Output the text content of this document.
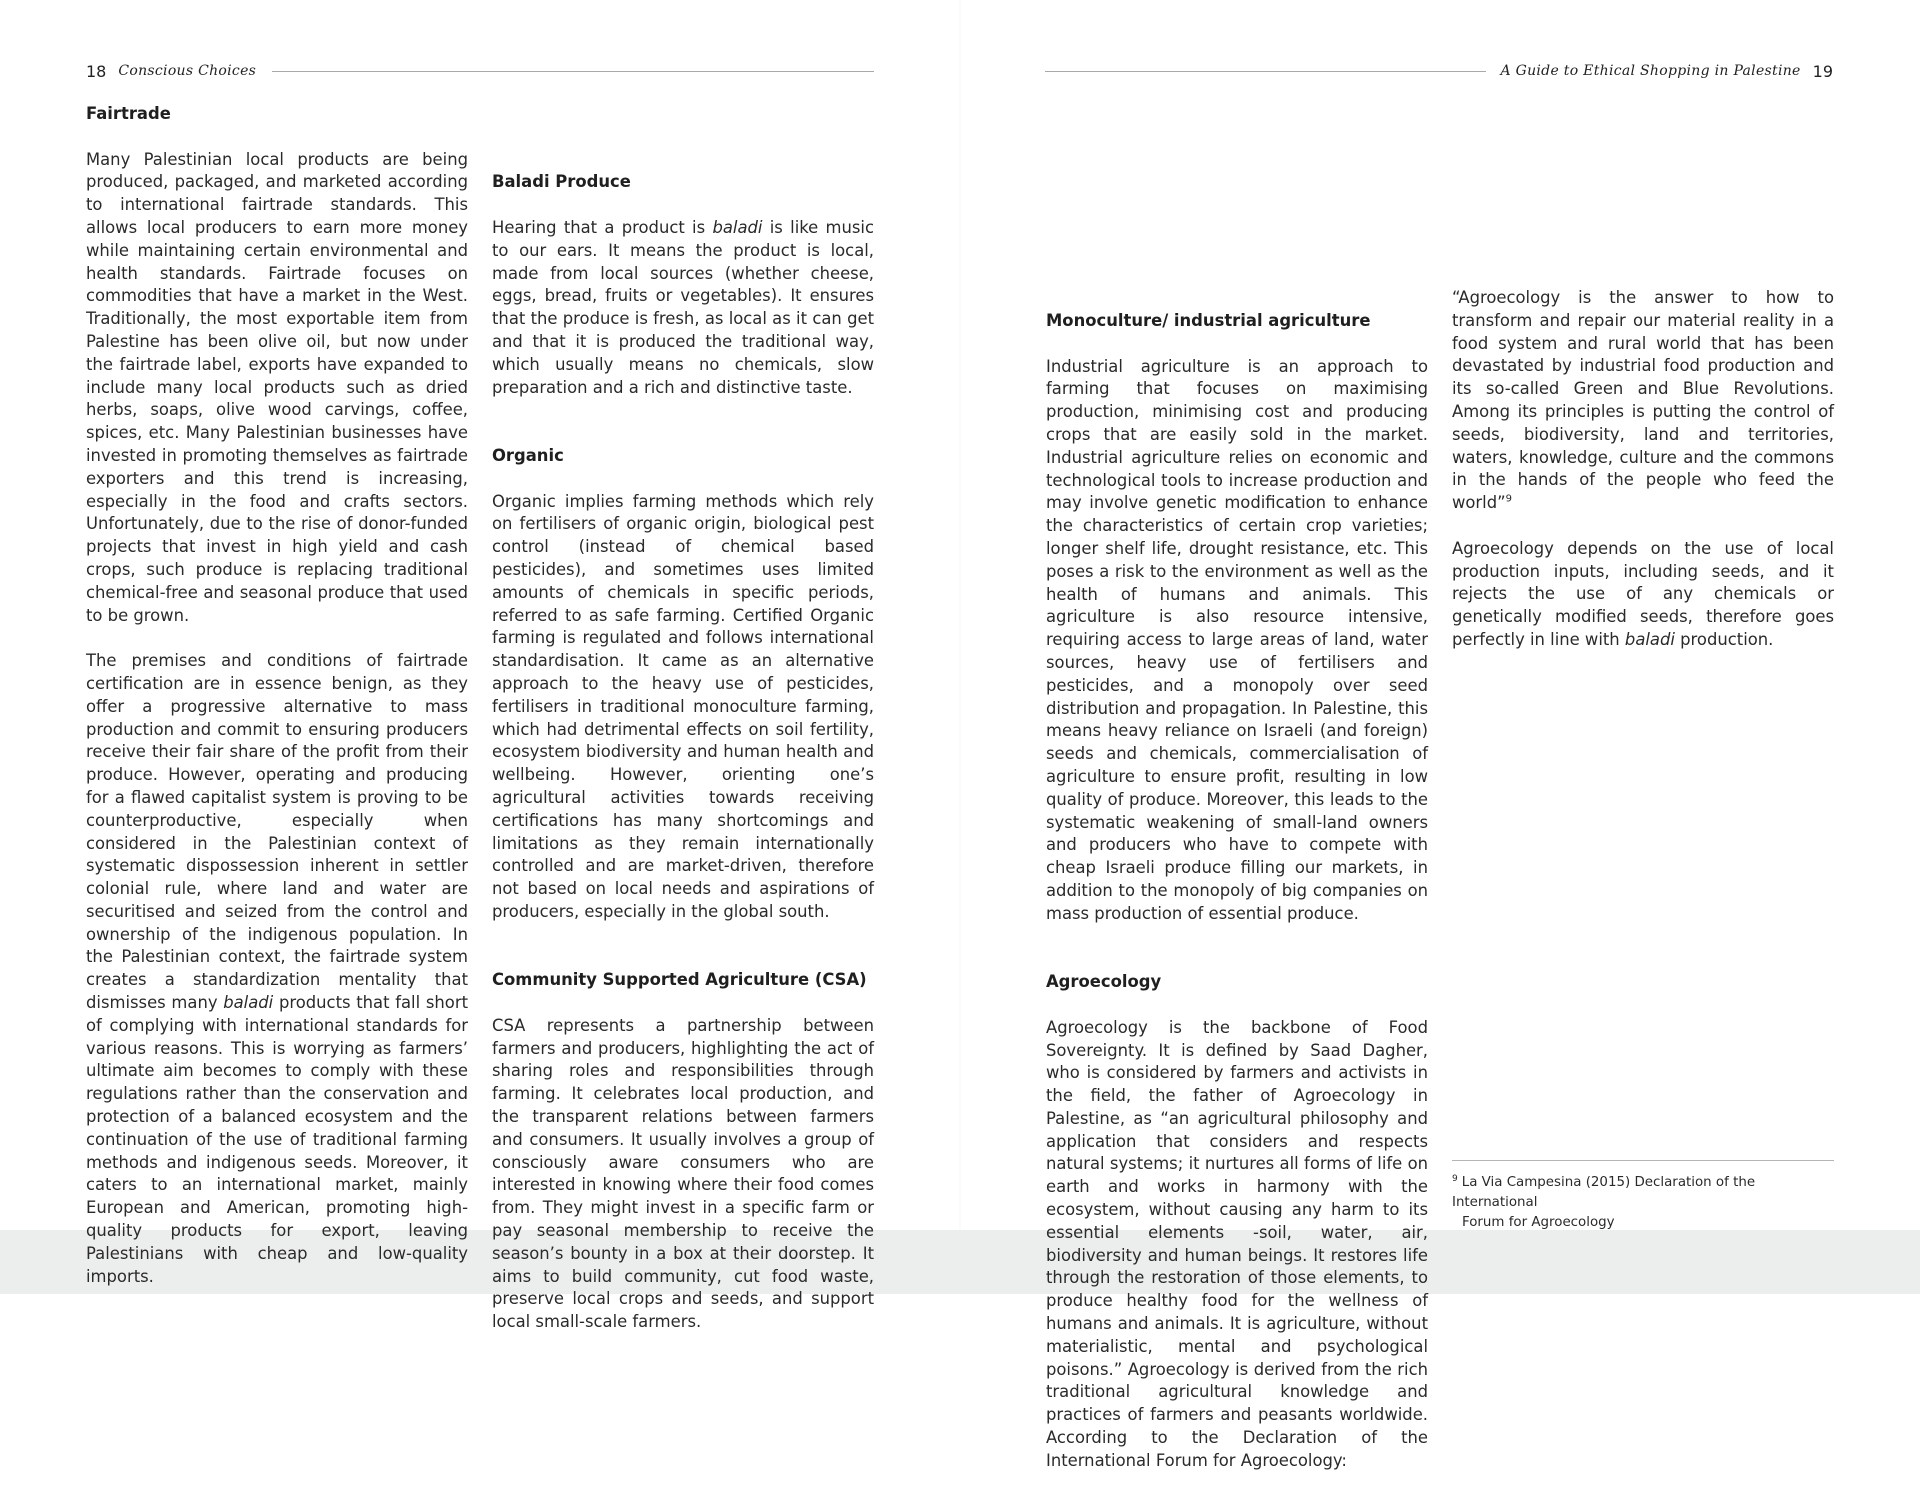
18 Conscious Choices	A Guide to Ethical Shopping in Palestine 19
Fairtrade

Many Palestinian local products are being produced, packaged, and marketed according to international fairtrade standards. This allows local producers to earn more money while maintaining certain environmental and health standards. Fairtrade focuses on commodities that have a market in the West. Traditionally, the most exportable item from Palestine has been olive oil, but now under the fairtrade label, exports have expanded to include many local products such as dried herbs, soaps, olive wood carvings, coffee, spices, etc. Many Palestinian businesses have invested in promoting themselves as fairtrade exporters and this trend is increasing, especially in the food and crafts sectors. Unfortunately, due to the rise of donor-funded projects that invest in high yield and cash crops, such produce is replacing traditional chemical-free and seasonal produce that used to be grown.

The premises and conditions of fairtrade certification are in essence benign, as they offer a progressive alternative to mass production and commit to ensuring producers receive their fair share of the profit from their produce. However, operating and producing for a flawed capitalist system is proving to be counterproductive, especially when considered in the Palestinian context of systematic dispossession inherent in settler colonial rule, where land and water are securitised and seized from the control and ownership of the indigenous population. In the Palestinian context, the fairtrade system creates a standardization mentality that dismisses many baladi products that fall short of complying with international standards for various reasons. This is worrying as farmers’ ultimate aim becomes to comply with these regulations rather than the conservation and protection of a balanced ecosystem and the continuation of the use of traditional farming methods and indigenous seeds. Moreover, it caters to an international market, mainly European and American, promoting high-quality products for export, leaving Palestinians with cheap and low-quality imports.

Baladi Produce

Hearing that a product is baladi is like music to our ears. It means the product is local, made from local sources (whether cheese, eggs, bread, fruits or vegetables). It ensures that the produce is fresh, as local as it can get and that it is produced the traditional way, which usually means no chemicals, slow preparation and a rich and distinctive taste.

Organic

Organic implies farming methods which rely on fertilisers of organic origin, biological pest control (instead of chemical based pesticides), and sometimes uses limited amounts of chemicals in specific periods, referred to as safe farming. Certified Organic farming is regulated and follows international standardisation. It came as an alternative approach to the heavy use of pesticides, fertilisers in traditional monoculture farming, which had detrimental effects on soil fertility, ecosystem biodiversity and human health and wellbeing. However, orienting one’s agricultural activities towards receiving certifications has many shortcomings and limitations as they remain internationally controlled and are market-driven, therefore not based on local needs and aspirations of producers, especially in the global south.

Community Supported Agriculture (CSA)

CSA represents a partnership between farmers and producers, highlighting the act of sharing roles and responsibilities through farming. It celebrates local production, and the transparent relations between farmers and consumers. It usually involves a group of consciously aware consumers who are interested in knowing where their food comes from. They might invest in a specific farm or pay seasonal membership to receive the season’s bounty in a box at their doorstep. It aims to build community, cut food waste, preserve local crops and seeds, and support local small-scale farmers.

Monoculture/ industrial agriculture

Industrial agriculture is an approach to farming that focuses on maximising production, minimising cost and producing crops that are easily sold in the market. Industrial agriculture relies on economic and technological tools to increase production and may involve genetic modification to enhance the characteristics of certain crop varieties; longer shelf life, drought resistance, etc. This poses a risk to the environment as well as the health of humans and animals. This agriculture is also resource intensive, requiring access to large areas of land, water sources, heavy use of fertilisers and pesticides, and a monopoly over seed distribution and propagation. In Palestine, this means heavy reliance on Israeli (and foreign) seeds and chemicals, commercialisation of agriculture to ensure profit, resulting in low quality of produce. Moreover, this leads to the systematic weakening of small-land owners and producers who have to compete with cheap Israeli produce filling our markets, in addition to the monopoly of big companies on mass production of essential produce.

Agroecology

Agroecology is the backbone of Food Sovereignty. It is defined by Saad Dagher, who is considered by farmers and activists in the field, the father of Agroecology in Palestine, as “an agricultural philosophy and application that considers and respects natural systems; it nurtures all forms of life on earth and works in harmony with the ecosystem, without causing any harm to its essential elements -soil, water, air, biodiversity and human beings. It restores life through the restoration of those elements, to produce healthy food for the wellness of humans and animals. It is agriculture, without materialistic, mental and psychological poisons.” Agroecology is derived from the rich traditional agricultural knowledge and practices of farmers and peasants worldwide. According to the Declaration of the International Forum for Agroecology:

“Agroecology is the answer to how to transform and repair our material reality in a food system and rural world that has been devastated by industrial food production and its so-called Green and Blue Revolutions. Among its principles is putting the control of seeds, biodiversity, land and territories, waters, knowledge, culture and the commons in the hands of the people who feed the world”$^9$

Agroecology depends on the use of local production inputs, including seeds, and it rejects the use of any chemicals or genetically modified seeds, therefore goes perfectly in line with baladi production.

$^9$ La Via Campesina (2015) Declaration of the International
Forum for Agroecology
